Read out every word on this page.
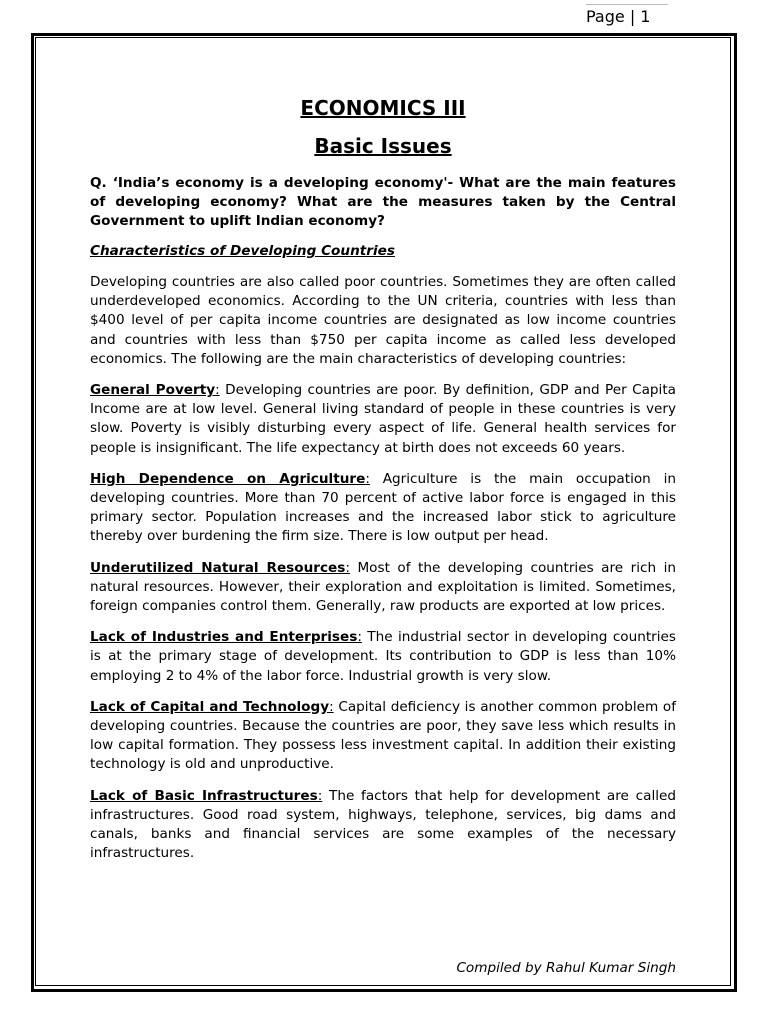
Page | 1
ECONOMICS III
Basic Issues
Q. ‘India’s economy is a developing economy'- What are the main features of developing economy? What are the measures taken by the Central Government to uplift Indian economy?
Characteristics of Developing Countries
Developing countries are also called poor countries. Sometimes they are often called underdeveloped economics. According to the UN criteria, countries with less than $400 level of per capita income countries are designated as low income countries and countries with less than $750 per capita income as called less developed economics. The following are the main characteristics of developing countries:
General Poverty: Developing countries are poor. By definition, GDP and Per Capita Income are at low level. General living standard of people in these countries is very slow. Poverty is visibly disturbing every aspect of life. General health services for people is insignificant. The life expectancy at birth does not exceeds 60 years.
High Dependence on Agriculture: Agriculture is the main occupation in developing countries. More than 70 percent of active labor force is engaged in this primary sector. Population increases and the increased labor stick to agriculture thereby over burdening the firm size. There is low output per head.
Underutilized Natural Resources: Most of the developing countries are rich in natural resources. However, their exploration and exploitation is limited. Sometimes, foreign companies control them. Generally, raw products are exported at low prices.
Lack of Industries and Enterprises: The industrial sector in developing countries is at the primary stage of development. Its contribution to GDP is less than 10% employing 2 to 4% of the labor force. Industrial growth is very slow.
Lack of Capital and Technology: Capital deficiency is another common problem of developing countries. Because the countries are poor, they save less which results in low capital formation. They possess less investment capital. In addition their existing technology is old and unproductive.
Lack of Basic Infrastructures: The factors that help for development are called infrastructures. Good road system, highways, telephone, services, big dams and canals, banks and financial services are some examples of the necessary infrastructures.
Compiled by Rahul Kumar Singh
